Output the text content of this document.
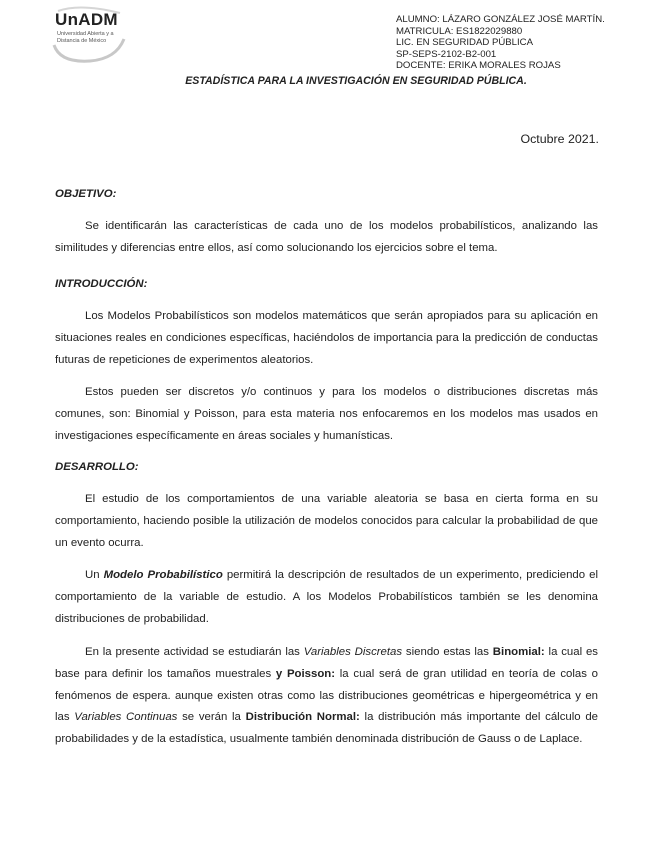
UnADM
Universidad Abierta y a Distancia de México
ALUMNO: LÁZARO GONZÁLEZ JOSÉ MARTÍN.
MATRICULA: ES1822029880
LIC. EN SEGURIDAD PÚBLICA
SP-SEPS-2102-B2-001
DOCENTE: ERIKA MORALES ROJAS
ESTADÍSTICA PARA LA INVESTIGACIÓN EN SEGURIDAD PÚBLICA.
Octubre 2021.
OBJETIVO:
Se identificarán las características de cada uno de los modelos probabilísticos, analizando las similitudes y diferencias entre ellos, así como solucionando los ejercicios sobre el tema.
INTRODUCCIÓN:
Los Modelos Probabilísticos son modelos matemáticos que serán apropiados para su aplicación en situaciones reales en condiciones específicas, haciéndolos de importancia para la predicción de conductas futuras de repeticiones de experimentos aleatorios.
Estos pueden ser discretos y/o continuos y para los modelos o distribuciones discretas más comunes, son: Binomial y Poisson, para esta materia nos enfocaremos en los modelos mas usados en investigaciones específicamente en áreas sociales y humanísticas.
DESARROLLO:
El estudio de los comportamientos de una variable aleatoria se basa en cierta forma en su comportamiento, haciendo posible la utilización de modelos conocidos para calcular la probabilidad de que un evento ocurra.
Un Modelo Probabilístico permitirá la descripción de resultados de un experimento, prediciendo el comportamiento de la variable de estudio. A los Modelos Probabilísticos también se les denomina distribuciones de probabilidad.
En la presente actividad se estudiarán las Variables Discretas siendo estas las Binomial: la cual es base para definir los tamaños muestrales y Poisson: la cual será de gran utilidad en teoría de colas o fenómenos de espera. aunque existen otras como las distribuciones geométricas e hipergeométrica y en las Variables Continuas se verán la Distribución Normal: la distribución más importante del cálculo de probabilidades y de la estadística, usualmente también denominada distribución de Gauss o de Laplace.
